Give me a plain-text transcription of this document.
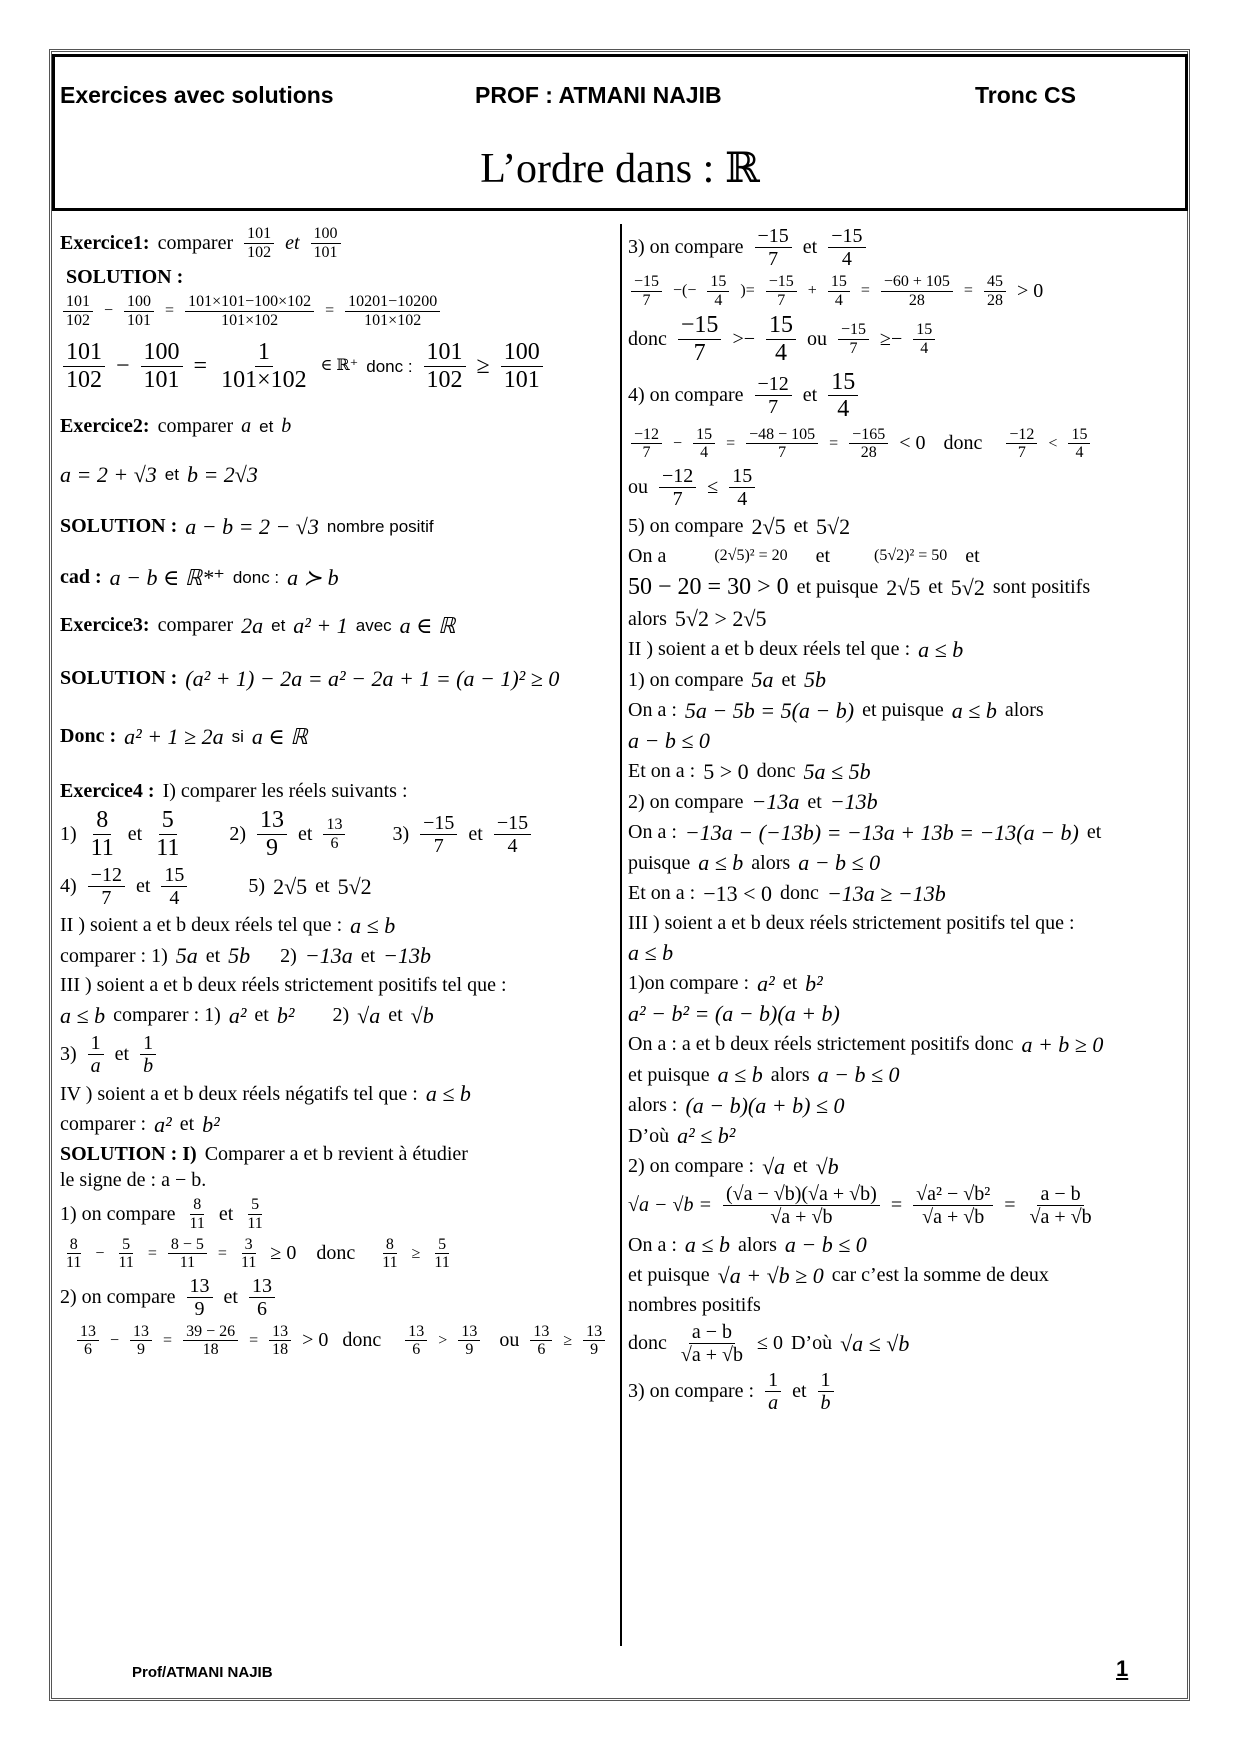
Exercices avec solutions	PROF : ATMANI NAJIB	Tronc CS
L’ordre dans : ℝ
Exercice1: comparer $\frac{101}{102}$ et $\frac{100}{101}$
SOLUTION :
$\frac{101}{102} - \frac{100}{101} = \frac{101\times 101-100\times 102}{101\times 102} = \frac{10201-10200}{101\times 102}$
$\frac{101}{102} - \frac{100}{101} = \frac{1}{101\times 102}$ ∈ ℝ⁺ donc : $\frac{101}{102} \ge \frac{100}{101}$
Exercice2: comparer a et b
a = 2 + √3 et b = 2√3
SOLUTION : a − b = 2 − √3 nombre positif
cad : a − b ∈ ℝ*⁺ donc : a ≻ b
Exercice3: comparer 2a et a² + 1 avec a ∈ ℝ
SOLUTION : (a² + 1) − 2a = a² − 2a + 1 = (a − 1)² ≥ 0
Donc : a² + 1 ≥ 2a si a ∈ ℝ
Exercice4 : I) comparer les réels suivants :
$1) \frac{8}{11}$ et $\frac{5}{11} 2) \frac{13}{9}$ et $\frac{13}{6} 3) \frac{-15}{7}$ et $\frac{-15}{4}$
$4) \frac{-12}{7}$ et $\frac{15}{4}$	5) 2√5 et 5√2
II ) soient a et b deux réels tel que : a ≤ b
comparer : 1) 5a et 5b 2) −13a et −13b
III ) soient a et b deux réels strictement positifs tel que :
a ≤ b comparer : 1) a² et b² 2) √a et √b
$3) \frac{1}{a}$ et $\frac{1}{b}$
IV ) soient a et b deux réels négatifs tel que : a ≤ b
comparer : a² et b²
SOLUTION : I) Comparer a et b revient à étudier
le signe de : a − b.
1) on compare $\frac{8}{11}$ et $\frac{5}{11}$
$\frac{8}{11} - \frac{5}{11} = \frac{8 - 5}{11} = \frac{3}{11} \ge 0$ donc $\frac{8}{11} \ge \frac{5}{11}$
2) on compare $\frac{13}{9}$ et $\frac{13}{6}$
$\frac{13}{6} - \frac{13}{9} = \frac{39 - 26}{18} = \frac{13}{18} > 0$ donc $\frac{13}{6} > \frac{13}{9}$ ou $\frac{13}{6} \ge \frac{13}{9}$
3) on compare $\frac{-15}{7}$ et $\frac{-15}{4}$
$\frac{-15}{7}$ −(− $\frac{15}{4}$ )= $\frac{-15}{7} + \frac{15}{4} = \frac{-60 + 105}{28} = \frac{45}{28} > 0$
donc $\frac{-15}{7} >- \frac{15}{4}$ ou $\frac{-15}{7} \ge- \frac{15}{4}$
4) on compare $\frac{-12}{7}$ et $\frac{15}{4}$
$\frac{-12}{7} - \frac{15}{4} = \frac{-48 - 105}{7} = \frac{-165}{28} < 0$ donc $\frac{-12}{7} < \frac{15}{4}$
ou $\frac{-12}{7} \le \frac{15}{4}$
5) on compare 2√5 et 5√2
On a	(2√5)² = 20 et	(5√2)² = 50 et
50 − 20 = 30 > 0 et puisque 2√5 et 5√2 sont positifs
alors 5√2 > 2√5
II ) soient a et b deux réels tel que : a ≤ b
1) on compare 5a et 5b
On a : 5a − 5b = 5(a − b) et puisque a ≤ b alors
a − b ≤ 0
Et on a : 5 > 0 donc 5a ≤ 5b
2) on compare −13a et −13b
On a : −13a − (−13b) = −13a + 13b = −13(a − b) et
puisque a ≤ b alors a − b ≤ 0
Et on a : −13 < 0 donc −13a ≥ −13b
III ) soient a et b deux réels strictement positifs tel que :
a ≤ b
1)on compare : a² et b²
a² − b² = (a − b)(a + b)
On a : a et b deux réels strictement positifs donc a + b ≥ 0
et puisque a ≤ b alors a − b ≤ 0
alors : (a − b)(a + b) ≤ 0
D’où a² ≤ b²
2) on compare : √a et √b
$√a - √b = \frac{(√a - √b)(√a + √b)}{√a + √b} = \frac{\text{√a² − √b²}}{√a + √b} = \frac{a - b}{√a + √b}$
On a : a ≤ b alors a − b ≤ 0
et puisque √a + √b ≥ 0 car c’est la somme de deux
nombres positifs
donc $\frac{a - b}{√a + √b} \le 0$ D’où √a ≤ √b
3) on compare : $\frac{1}{a}$ et $\frac{1}{b}$
Prof/ATMANI NAJIB	1
